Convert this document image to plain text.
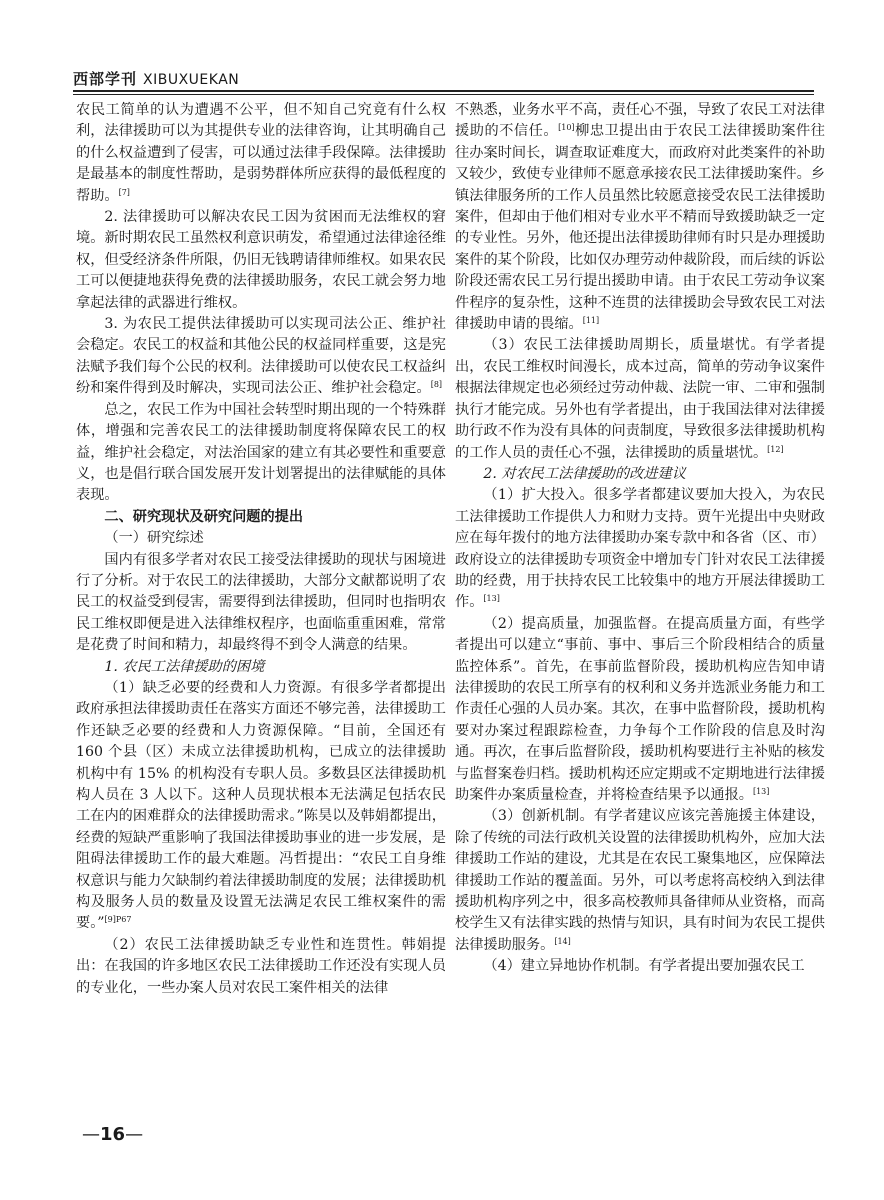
西部学刊 XIBUXUEKAN

农民工简单的认为遭遇不公平，但不知自己究竟有什么权利，法律援助可以为其提供专业的法律咨询，让其明确自己的什么权益遭到了侵害，可以通过法律手段保障。法律援助是最基本的制度性帮助，是弱势群体所应获得的最低程度的帮助。[7]

2. 法律援助可以解决农民工因为贫困而无法维权的窘境。新时期农民工虽然权利意识萌发，希望通过法律途径维权，但受经济条件所限，仍旧无钱聘请律师维权。如果农民工可以便捷地获得免费的法律援助服务，农民工就会努力地拿起法律的武器进行维权。

3. 为农民工提供法律援助可以实现司法公正、维护社会稳定。农民工的权益和其他公民的权益同样重要，这是宪法赋予我们每个公民的权利。法律援助可以使农民工权益纠纷和案件得到及时解决，实现司法公正、维护社会稳定。[8]

总之，农民工作为中国社会转型时期出现的一个特殊群体，增强和完善农民工的法律援助制度将保障农民工的权益，维护社会稳定，对法治国家的建立有其必要性和重要意义，也是倡行联合国发展开发计划署提出的法律赋能的具体表现。

二、研究现状及研究问题的提出
（一）研究综述

国内有很多学者对农民工接受法律援助的现状与困境进行了分析。对于农民工的法律援助，大部分文献都说明了农民工的权益受到侵害，需要得到法律援助，但同时也指明农民工维权即便是进入法律维权程序，也面临重重困难，常常是花费了时间和精力，却最终得不到令人满意的结果。

1. 农民工法律援助的困境

（1）缺乏必要的经费和人力资源。有很多学者都提出政府承担法律援助责任在落实方面还不够完善，法律援助工作还缺乏必要的经费和人力资源保障。“目前，全国还有 160 个县（区）未成立法律援助机构，已成立的法律援助机构中有 15% 的机构没有专职人员。多数县区法律援助机构人员在 3 人以下。这种人员现状根本无法满足包括农民工在内的困难群众的法律援助需求。”陈昊以及韩娟都提出，经费的短缺严重影响了我国法律援助事业的进一步发展，是阻碍法律援助工作的最大难题。冯哲提出：“农民工自身维权意识与能力欠缺制约着法律援助制度的发展；法律援助机构及服务人员的数量及设置无法满足农民工维权案件的需要。”$^{[9]P67}$

（2）农民工法律援助缺乏专业性和连贯性。韩娟提出：在我国的许多地区农民工法律援助工作还没有实现人员的专业化，一些办案人员对农民工案件相关的法律

不熟悉，业务水平不高，责任心不强，导致了农民工对法律援助的不信任。[10]柳忠卫提出由于农民工法律援助案件往往办案时间长，调查取证难度大，而政府对此类案件的补助又较少，致使专业律师不愿意承接农民工法律援助案件。乡镇法律服务所的工作人员虽然比较愿意接受农民工法律援助案件，但却由于他们相对专业水平不精而导致援助缺乏一定的专业性。另外，他还提出法律援助律师有时只是办理援助案件的某个阶段，比如仅办理劳动仲裁阶段，而后续的诉讼阶段还需农民工另行提出援助申请。由于农民工劳动争议案件程序的复杂性，这种不连贯的法律援助会导致农民工对法律援助申请的畏缩。[11]

（3）农民工法律援助周期长，质量堪忧。有学者提出，农民工维权时间漫长，成本过高，简单的劳动争议案件根据法律规定也必须经过劳动仲裁、法院一审、二审和强制执行才能完成。另外也有学者提出，由于我国法律对法律援助行政不作为没有具体的问责制度，导致很多法律援助机构的工作人员的责任心不强，法律援助的质量堪忧。[12]

2. 对农民工法律援助的改进建议

（1）扩大投入。很多学者都建议要加大投入，为农民工法律援助工作提供人力和财力支持。贾午光提出中央财政应在每年拨付的地方法律援助办案专款中和各省（区、市）政府设立的法律援助专项资金中增加专门针对农民工法律援助的经费，用于扶持农民工比较集中的地方开展法律援助工作。[13]

（2）提高质量，加强监督。在提高质量方面，有些学者提出可以建立“事前、事中、事后三个阶段相结合的质量监控体系”。首先，在事前监督阶段，援助机构应告知申请法律援助的农民工所享有的权利和义务并选派业务能力和工作责任心强的人员办案。其次，在事中监督阶段，援助机构要对办案过程跟踪检查，力争每个工作阶段的信息及时沟通。再次，在事后监督阶段，援助机构要进行主补贴的核发与监督案卷归档。援助机构还应定期或不定期地进行法律援助案件办案质量检查，并将检查结果予以通报。[13]

（3）创新机制。有学者建议应该完善施援主体建设，除了传统的司法行政机关设置的法律援助机构外，应加大法律援助工作站的建设，尤其是在农民工聚集地区，应保障法律援助工作站的覆盖面。另外，可以考虑将高校纳入到法律援助机构序列之中，很多高校教师具备律师从业资格，而高校学生又有法律实践的热情与知识，具有时间为农民工提供法律援助服务。[14]

（4）建立异地协作机制。有学者提出要加强农民工

—16—
